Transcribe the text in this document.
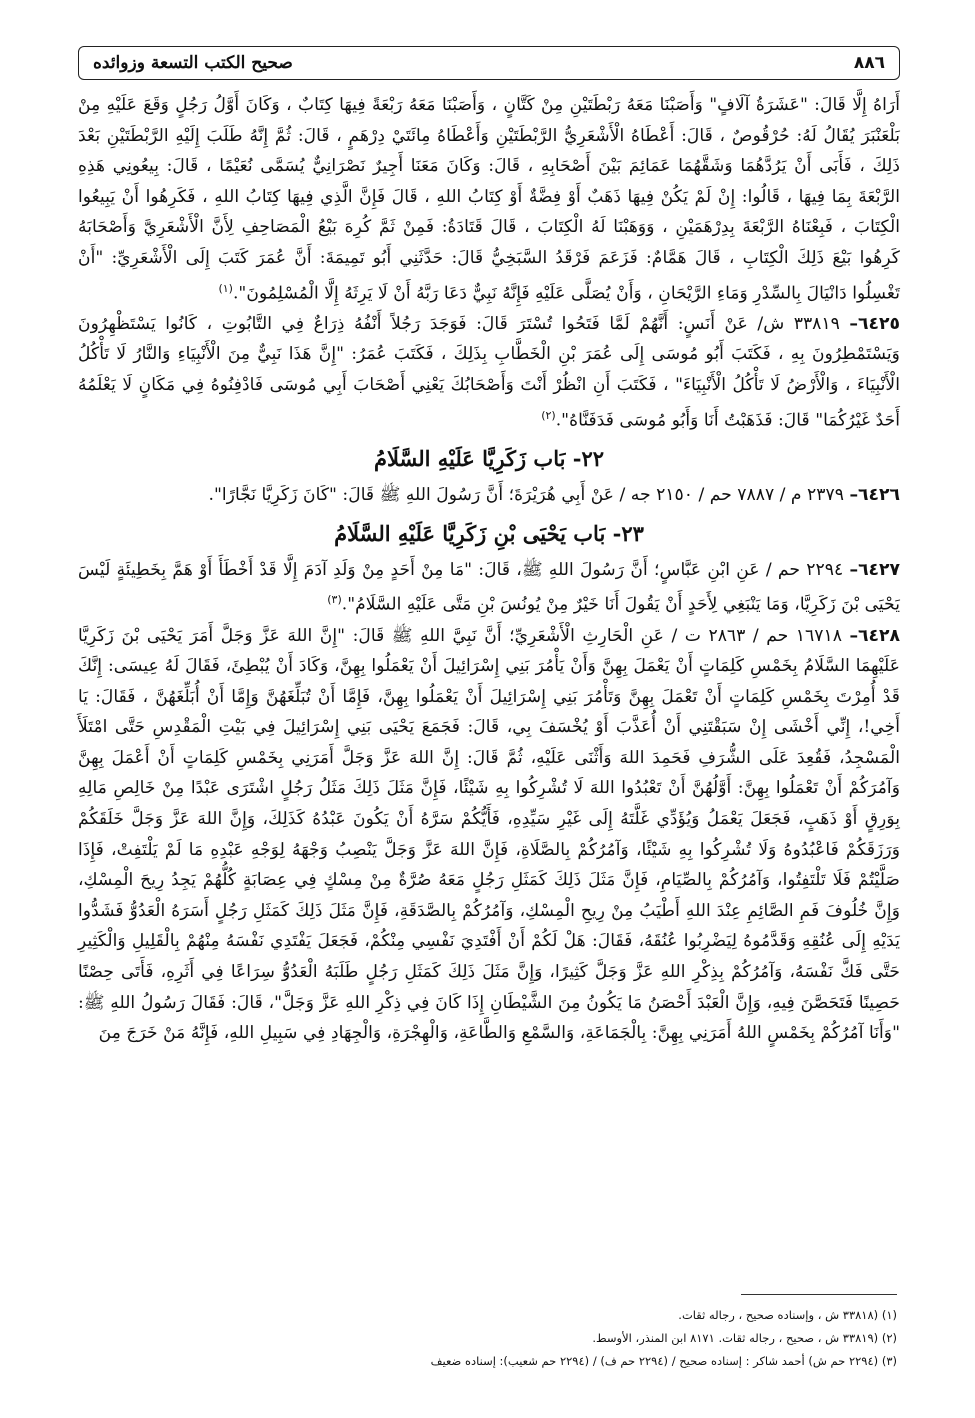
٨٨٦
صحيح الكتب التسعة وزوائده

أَرَاهُ إِلَّا قَالَ: "عَشَرَةُ آلَافٍ" وَأَصَبْنَا مَعَهُ رَبْطَتَيْنِ مِنْ كَتَّانٍ ، وَأَصَبْنَا مَعَهُ رَبْعَةً فِيهَا كِتَابٌ ، وَكَانَ أَوَّلُ رَجُلٍ وَقَعَ عَلَيْهِ مِنْ بَلْعَنْبَرَ يُقَالُ لَهُ: حُرْقُوصٌ ، قَالَ: أَعْطَاهُ الْأَشْعَرِيُّ الرَّبْطَتَيْنِ وَأَعْطَاهُ مِائَتَيْ دِرْهَمٍ ، قَالَ: ثُمَّ إِنَّهُ طَلَبَ إِلَيْهِ الرَّبْطَتَيْنِ بَعْدَ ذَلِكَ ، فَأَبَى أَنْ يَرُدَّهُمَا وَشَقَّهُمَا عَمَائِمَ بَيْنَ أَصْحَابِهِ ، قَالَ: وَكَانَ مَعَنَا أَجِيرٌ نَصْرَانِيٌّ يُسَمَّى نُعَيْمًا ، قَالَ: بِيعُونِي هَذِهِ الرَّبْعَةَ بِمَا فِيهَا ، قَالُوا: إِنْ لَمْ يَكُنْ فِيهَا ذَهَبٌ أَوْ فِضَّةٌ أَوْ كِتَابُ اللهِ ، قَالَ فَإِنَّ الَّذِي فِيهَا كِتَابُ اللهِ ، فَكَرِهُوا أَنْ يَبِيعُوا الْكِتَابَ ، فَبِعْنَاهُ الرَّبْعَةَ بِدِرْهَمَيْنِ ، وَوَهَبْنَا لَهُ الْكِتَابَ ، قَالَ قَتَادَةُ: فَمِنْ ثَمَّ كُرِهَ بَيْعُ الْمَصَاحِفِ لِأَنَّ الْأَشْعَرِيَّ وَأَصْحَابَهُ كَرِهُوا بَيْعَ ذَلِكَ الْكِتَابِ ، قَالَ هَمَّامٌ: فَزَعَمَ فَرْقَدُ السَّبَخِيُّ قَالَ: حَدَّثَنِي أَبُو تَمِيمَةَ: أَنَّ عُمَرَ كَتَبَ إِلَى الْأَشْعَرِيِّ: "أَنْ تَغْسِلُوا دَانْيَالَ بِالسِّدْرِ وَمَاءِ الرَّيْحَانِ ، وَأَنْ يُصَلَّى عَلَيْهِ فَإِنَّهُ نَبِيٌّ دَعَا رَبَّهُ أَنْ لَا يَرِثَهُ إِلَّا الْمُسْلِمُونَ".$^{(١)}$

٦٤٢٥– ٣٣٨١٩ ش/ عَنْ أَنَسٍ: أَنَّهُمْ لَمَّا فَتَحُوا تُسْتَرَ قَالَ: فَوَجَدَ رَجُلاً أَنْفُهُ ذِرَاعٌ فِي التَّابُوتِ ، كَانُوا يَسْتَظْهِرُونَ وَيَسْتَمْطِرُونَ بِهِ ، فَكَتَبَ أَبُو مُوسَى إِلَى عُمَرَ بْنِ الْخَطَّابِ بِذَلِكَ ، فَكَتَبَ عُمَرُ: "إِنَّ هَذَا نَبِيٌّ مِنَ الْأَنْبِيَاءِ وَالنَّارُ لَا تَأْكُلُ الْأَنْبِيَاءَ ، وَالْأَرْضُ لَا تَأْكُلُ الْأَنْبِيَاءَ" ، فَكَتَبَ أَنِ انْظُرْ أَنْتَ وَأَصْحَابُكَ يَعْنِي أَصْحَابَ أَبِي مُوسَى فَادْفِنُوهُ فِي مَكَانٍ لَا يَعْلَمُهُ أَحَدٌ غَيْرُكُمَا" قَالَ: فَذَهَبْتُ أَنَا وَأَبُو مُوسَى فَدَفَنَّاهُ".$^{(٢)}$

٢٢- بَاب زَكَرِيَّا عَلَيْهِ السَّلَامُ

٦٤٢٦– ٢٣٧٩ م / ٧٨٨٧ حم / ٢١٥٠ جه / عَنْ أَبِي هُرَيْرَةَ؛ أَنَّ رَسُولَ اللهِ ﷺ قَالَ: "كَانَ زَكَرِيَّا نَجَّارًا".

٢٣- بَاب يَحْيَى بْنِ زَكَرِيَّا عَلَيْهِ السَّلَامُ

٦٤٢٧– ٢٢٩٤ حم / عَنِ ابْنِ عَبَّاسٍ؛ أَنَّ رَسُولَ اللهِ ﷺ، قَالَ: "مَا مِنْ أَحَدٍ مِنْ وَلَدِ آدَمَ إِلَّا قَدْ أَخْطَأَ أَوْ هَمَّ بِخَطِيئَةٍ لَيْسَ يَحْيَى بْنَ زَكَرِيَّا، وَمَا يَنْبَغِي لِأَحَدٍ أَنْ يَقُولَ أَنَا خَيْرٌ مِنْ يُونُسَ بْنِ مَتَّى عَلَيْهِ السَّلَامُ".$^{(٣)}$

٦٤٢٨– ١٦٧١٨ حم / ٢٨٦٣ ت / عَنِ الْحَارِثِ الْأَشْعَرِيِّ؛ أَنَّ نَبِيَّ اللهِ ﷺ قَالَ: "إِنَّ اللهَ عَزَّ وَجَلَّ أَمَرَ يَحْيَى بْنَ زَكَرِيَّا عَلَيْهِمَا السَّلَامُ بِخَمْسِ كَلِمَاتٍ أَنْ يَعْمَلَ بِهِنَّ وَأَنْ يَأْمُرَ بَنِي إِسْرَائِيلَ أَنْ يَعْمَلُوا بِهِنَّ، وَكَادَ أَنْ يُبْطِئَ، فَقَالَ لَهُ عِيسَى: إِنَّكَ قَدْ أُمِرْتَ بِخَمْسِ كَلِمَاتٍ أَنْ تَعْمَلَ بِهِنَّ وَتَأْمُرَ بَنِي إِسْرَائِيلَ أَنْ يَعْمَلُوا بِهِنَّ، فَإِمَّا أَنْ تُبَلِّغَهُنَّ وَإِمَّا أَنْ أُبَلِّغَهُنَّ ، فَقَالَ: يَا أَخِي!، إِنِّي أَخْشَى إِنْ سَبَقْتَنِي أَنْ أُعَذَّبَ أَوْ يُخْسَفَ بِي، قَالَ: فَجَمَعَ يَحْيَى بَنِي إِسْرَائِيلَ فِي بَيْتِ الْمَقْدِسِ حَتَّى امْتَلَأَ الْمَسْجِدُ، فَقُعِدَ عَلَى الشُّرَفِ فَحَمِدَ اللهَ وَأَثْنَى عَلَيْهِ، ثُمَّ قَالَ: إِنَّ اللهَ عَزَّ وَجَلَّ أَمَرَنِي بِخَمْسِ كَلِمَاتٍ أَنْ أَعْمَلَ بِهِنَّ وَآمُرَكُمْ أَنْ تَعْمَلُوا بِهِنَّ: أَوَّلُهُنَّ أَنْ تَعْبُدُوا اللهَ لَا تُشْرِكُوا بِهِ شَيْئًا، فَإِنَّ مَثَلَ ذَلِكَ مَثَلُ رَجُلٍ اشْتَرَى عَبْدًا مِنْ خَالِصِ مَالِهِ بِوَرِقٍ أَوْ ذَهَبٍ، فَجَعَلَ يَعْمَلُ وَيُؤَدِّي غَلَّتَهُ إِلَى غَيْرِ سَيِّدِهِ، فَأَيُّكُمْ سَرَّهُ أَنْ يَكُونَ عَبْدُهُ كَذَلِكَ، وَإِنَّ اللهَ عَزَّ وَجَلَّ خَلَقَكُمْ وَرَزَقَكُمْ فَاعْبُدُوهُ وَلَا تُشْرِكُوا بِهِ شَيْئًا، وَآمُرُكُمْ بِالصَّلَاةِ، فَإِنَّ اللهَ عَزَّ وَجَلَّ يَنْصِبُ وَجْهَهُ لِوَجْهِ عَبْدِهِ مَا لَمْ يَلْتَفِتْ، فَإِذَا صَلَّيْتُمْ فَلَا تَلْتَفِتُوا، وَآمُرُكُمْ بِالصِّيَامِ، فَإِنَّ مَثَلَ ذَلِكَ كَمَثَلِ رَجُلٍ مَعَهُ صُرَّةٌ مِنْ مِسْكٍ فِي عِصَابَةٍ كُلُّهُمْ يَجِدُ رِيحَ الْمِسْكِ، وَإِنَّ خُلُوفَ فَمِ الصَّائِمِ عِنْدَ اللهِ أَطْيَبُ مِنْ رِيحِ الْمِسْكِ، وَآمُرُكُمْ بِالصَّدَقَةِ، فَإِنَّ مَثَلَ ذَلِكَ كَمَثَلِ رَجُلٍ أَسَرَهُ الْعَدُوُّ فَشَدُّوا يَدَيْهِ إِلَى عُنُقِهِ وَقَدَّمُوهُ لِيَضْرِبُوا عُنُقَهُ، فَقَالَ: هَلْ لَكُمْ أَنْ أَفْتَدِيَ نَفْسِي مِنْكُمْ، فَجَعَلَ يَفْتَدِي نَفْسَهُ مِنْهُمْ بِالْقَلِيلِ وَالْكَثِيرِ حَتَّى فَكَّ نَفْسَهُ، وَآمُرُكُمْ بِذِكْرِ اللهِ عَزَّ وَجَلَّ كَثِيرًا، وَإِنَّ مَثَلَ ذَلِكَ كَمَثَلِ رَجُلٍ طَلَبَهُ الْعَدُوُّ سِرَاعًا فِي أَثَرِهِ، فَأَتَى حِصْنًا حَصِينًا فَتَحَصَّنَ فِيهِ، وَإِنَّ الْعَبْدَ أَحْصَنُ مَا يَكُونُ مِنَ الشَّيْطَانِ إِذَا كَانَ فِي ذِكْرِ اللهِ عَزَّ وَجَلَّ"، قَالَ: فَقَالَ رَسُولُ اللهِ ﷺ: "وَأَنَا آمُرُكُمْ بِخَمْسٍ اللهُ أَمَرَنِي بِهِنَّ: بِالْجَمَاعَةِ، وَالسَّمْعِ وَالطَّاعَةِ، وَالْهِجْرَةِ، وَالْجِهَادِ فِي سَبِيلِ اللهِ، فَإِنَّهُ مَنْ خَرَجَ مِنَ

(١) (٣٣٨١٨ ش ، وإسناده صحيح ، رجاله ثقات.
(٢) (٣٣٨١٩ ش ، صحيح ، رجاله ثقات. ٨١٧١ ابن المنذر، الأوسط.
(٣) (٢٢٩٤ حم ش) أحمد شاكر : إسناده صحيح / (٢٢٩٤ حم ف) / (٢٢٩٤ حم شعيب): إسناده ضعيف
